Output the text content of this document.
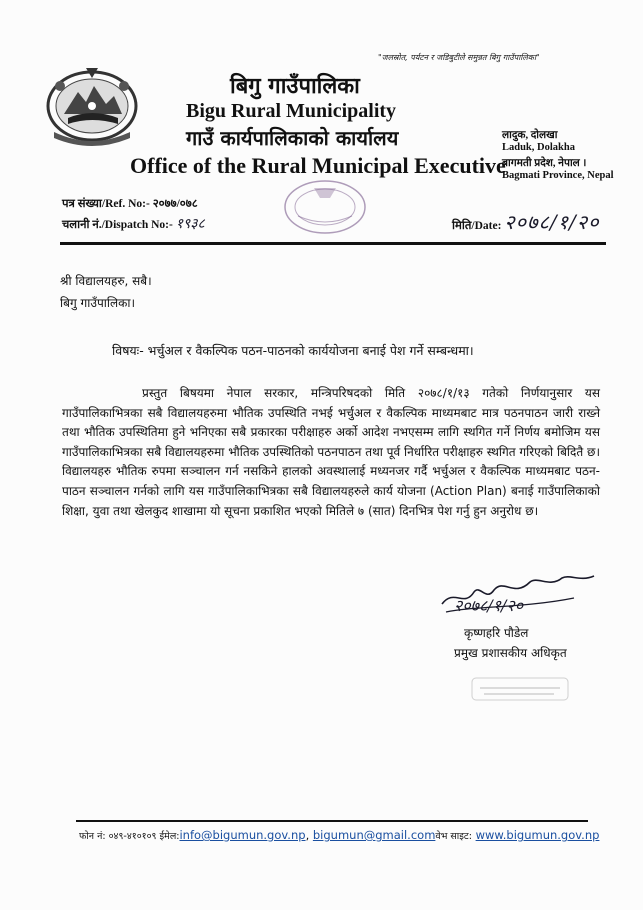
"जलस्रोत, पर्यटन र जडिबुटीले समुन्नत बिगु गाउँपालिका"
बिगु गाउँपालिका
Bigu Rural Municipality
गाउँ कार्यपालिकाको कार्यालय
Office of the Rural Municipal Executive
लादुक, दोलखा
Laduk, Dolakha
बागमती प्रदेश, नेपाल ।
Bagmati Province, Nepal
पत्र संख्या/Ref. No:- २०७७/०७८
चलानी नं./Dispatch No:- १९३८	मिति/Date: २०७८/१/२०
श्री विद्यालयहरु, सबै।
बिगु गाउँपालिका।
विषयः- भर्चुअल र वैकल्पिक पठन-पाठनको कार्ययोजना बनाई पेश गर्ने सम्बन्धमा।

प्रस्तुत बिषयमा नेपाल सरकार, मन्त्रिपरिषदको मिति २०७८/१/१३ गतेको निर्णयानुसार यस गाउँपालिकाभित्रका सबै विद्यालयहरुमा भौतिक उपस्थिति नभई भर्चुअल र वैकल्पिक माध्यमबाट मात्र पठनपाठन जारी राख्ने तथा भौतिक उपस्थितिमा हुने भनिएका सबै प्रकारका परीक्षाहरु अर्को आदेश नभएसम्म लागि स्थगित गर्ने निर्णय बमोजिम यस गाउँपालिकाभित्रका सबै विद्यालयहरुमा भौतिक उपस्थितिको पठनपाठन तथा पूर्व निर्धारित परीक्षाहरु स्थगित गरिएको बिदितै छ। विद्यालयहरु भौतिक रुपमा सञ्चालन गर्न नसकिने हालको अवस्थालाई मध्यनजर गर्दै भर्चुअल र वैकल्पिक माध्यमबाट पठन-पाठन सञ्चालन गर्नको लागि यस गाउँपालिकाभित्रका सबै विद्यालयहरुले कार्य योजना (Action Plan) बनाई गाउँपालिकाको शिक्षा, युवा तथा खेलकुद शाखामा यो सूचना प्रकाशित भएको मितिले ७ (सात) दिनभित्र पेश गर्नु हुन अनुरोध छ।

२०७८/१/२०
कृष्णहरि पौडेल
प्रमुख प्रशासकीय अधिकृत
फोन नं: ०४९-४१०१०९ ईमेल:info@bigumun.gov.np, bigumun@gmail.comवेभ साइट: www.bigumun.gov.np
